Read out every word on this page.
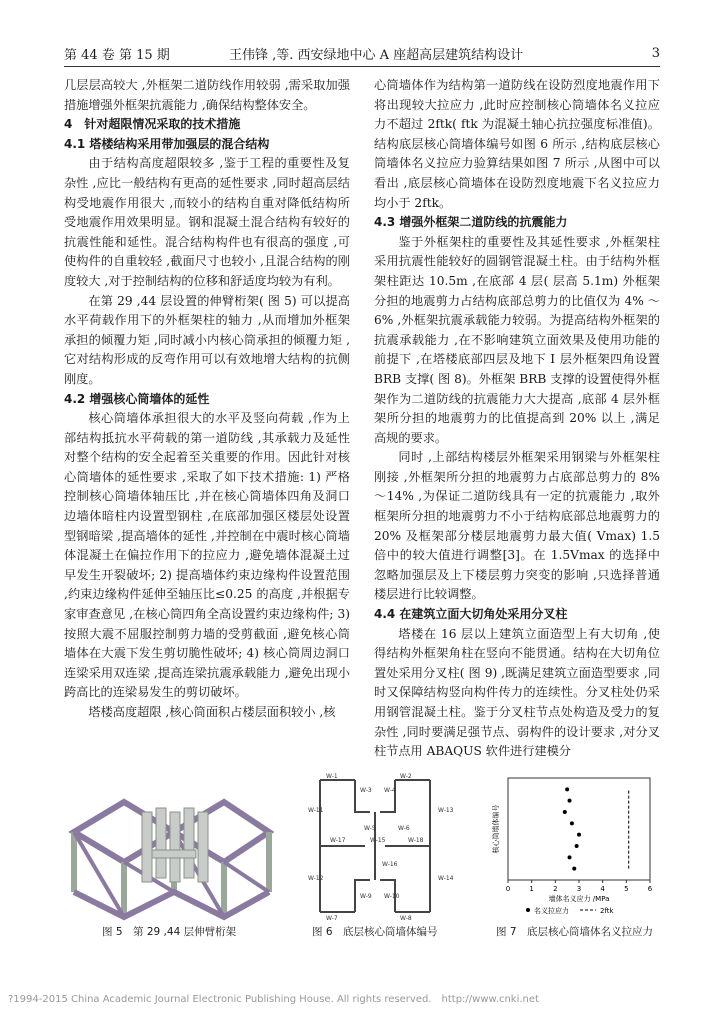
第 44 卷 第 15 期	王伟锋 ,等. 西安绿地中心 A 座超高层建筑结构设计	3

几层层高较大 ,外框架二道防线作用较弱 ,需采取加强措施增强外框架抗震能力 ,确保结构整体安全。

4　针对超限情况采取的技术措施
4.1 塔楼结构采用带加强层的混合结构

由于结构高度超限较多 ,鉴于工程的重要性及复杂性 ,应比一般结构有更高的延性要求 ,同时超高层结构受地震作用很大 ,而较小的结构自重对降低结构所受地震作用效果明显。钢和混凝土混合结构有较好的抗震性能和延性。混合结构构件也有很高的强度 ,可使构件的自重较轻 ,截面尺寸也较小 ,且混合结构的刚度较大 ,对于控制结构的位移和舒适度均较为有利。

在第 29 ,44 层设置的伸臂桁架( 图 5) 可以提高水平荷载作用下的外框架柱的轴力 ,从而增加外框架承担的倾覆力矩 ,同时减小内核心筒承担的倾覆力矩 ,它对结构形成的反弯作用可以有效地增大结构的抗侧刚度。

4.2 增强核心筒墙体的延性

核心筒墙体承担很大的水平及竖向荷载 ,作为上部结构抵抗水平荷载的第一道防线 ,其承载力及延性对整个结构的安全起着至关重要的作用。因此针对核心筒墙体的延性要求 ,采取了如下技术措施: 1) 严格控制核心筒墙体轴压比 ,并在核心筒墙体四角及洞口边墙体暗柱内设置型钢柱 ,在底部加强区楼层处设置型钢暗梁 ,提高墙体的延性 ,并控制在中震时核心筒墙体混凝土在偏拉作用下的拉应力 ,避免墙体混凝土过早发生开裂破坏; 2) 提高墙体约束边缘构件设置范围 ,约束边缘构件延伸至轴压比≤0.25 的高度 ,并根据专家审查意见 ,在核心筒四角全高设置约束边缘构件; 3) 按照大震不屈服控制剪力墙的受剪截面 ,避免核心筒墙体在大震下发生剪切脆性破坏; 4) 核心筒周边洞口连梁采用双连梁 ,提高连梁抗震承载能力 ,避免出现小跨高比的连梁易发生的剪切破坏。

塔楼高度超限 ,核心筒面积占楼层面积较小 ,核

心筒墙体作为结构第一道防线在设防烈度地震作用下将出现较大拉应力 ,此时应控制核心筒墙体名义拉应力不超过 2ftk( ftk 为混凝土轴心抗拉强度标准值)。结构底层核心筒墙体编号如图 6 所示 ,结构底层核心筒墙体名义拉应力验算结果如图 7 所示 ,从图中可以看出 ,底层核心筒墙体在设防烈度地震下名义拉应力均小于 2ftk。

4.3 增强外框架二道防线的抗震能力

鉴于外框架柱的重要性及其延性要求 ,外框架柱采用抗震性能较好的圆钢管混凝土柱。由于结构外框架柱距达 10.5m ,在底部 4 层( 层高 5.1m) 外框架分担的地震剪力占结构底部总剪力的比值仅为 4% ～6% ,外框架抗震承载能力较弱。为提高结构外框架的抗震承载能力 ,在不影响建筑立面效果及使用功能的前提下 ,在塔楼底部四层及地下 Ⅰ 层外框架四角设置 BRB 支撑( 图 8)。外框架 BRB 支撑的设置使得外框架作为二道防线的抗震能力大大提高 ,底部 4 层外框架所分担的地震剪力的比值提高到 20% 以上 ,满足高规的要求。

同时 ,上部结构楼层外框架采用钢梁与外框架柱刚接 ,外框架所分担的地震剪力占底部总剪力的 8% ～14% ,为保证二道防线具有一定的抗震能力 ,取外框架所分担的地震剪力不小于结构底部总地震剪力的 20% 及框架部分楼层地震剪力最大值( Vmax) 1.5 倍中的较大值进行调整[3]。在 1.5Vmax 的选择中忽略加强层及上下楼层剪力突变的影响 ,只选择普通楼层进行比较调整。

4.4 在建筑立面大切角处采用分叉柱

塔楼在 16 层以上建筑立面造型上有大切角 ,使得结构外框架角柱在竖向不能贯通。结构在大切角位置处采用分叉柱( 图 9) ,既满足建筑立面造型要求 ,同时又保障结构竖向构件传力的连续性。分叉柱处仍采用钢管混凝土柱。鉴于分叉柱节点处构造及受力的复杂性 ,同时要满足强节点、弱构件的设计要求 ,对分叉柱节点用 ABAQUS 软件进行建模分

图 5　第 29 ,44 层伸臂桁架
W-1	W-2
W-3 W-4
W-5	W-6
W-7	W-8
W-9 W-10
W-11
W-12
W-13
W-14
W-15
W-16
W-17	W-18
图 6　底层核心筒墙体编号
0	1	2	3	4	5	6
墙体名义应力 /MPa
核心筒墙体编号
名义拉应力	2ftk
图 7　底层核心筒墙体名义拉应力
?1994-2015 China Academic Journal Electronic Publishing House. All rights reserved.　http://www.cnki.net
